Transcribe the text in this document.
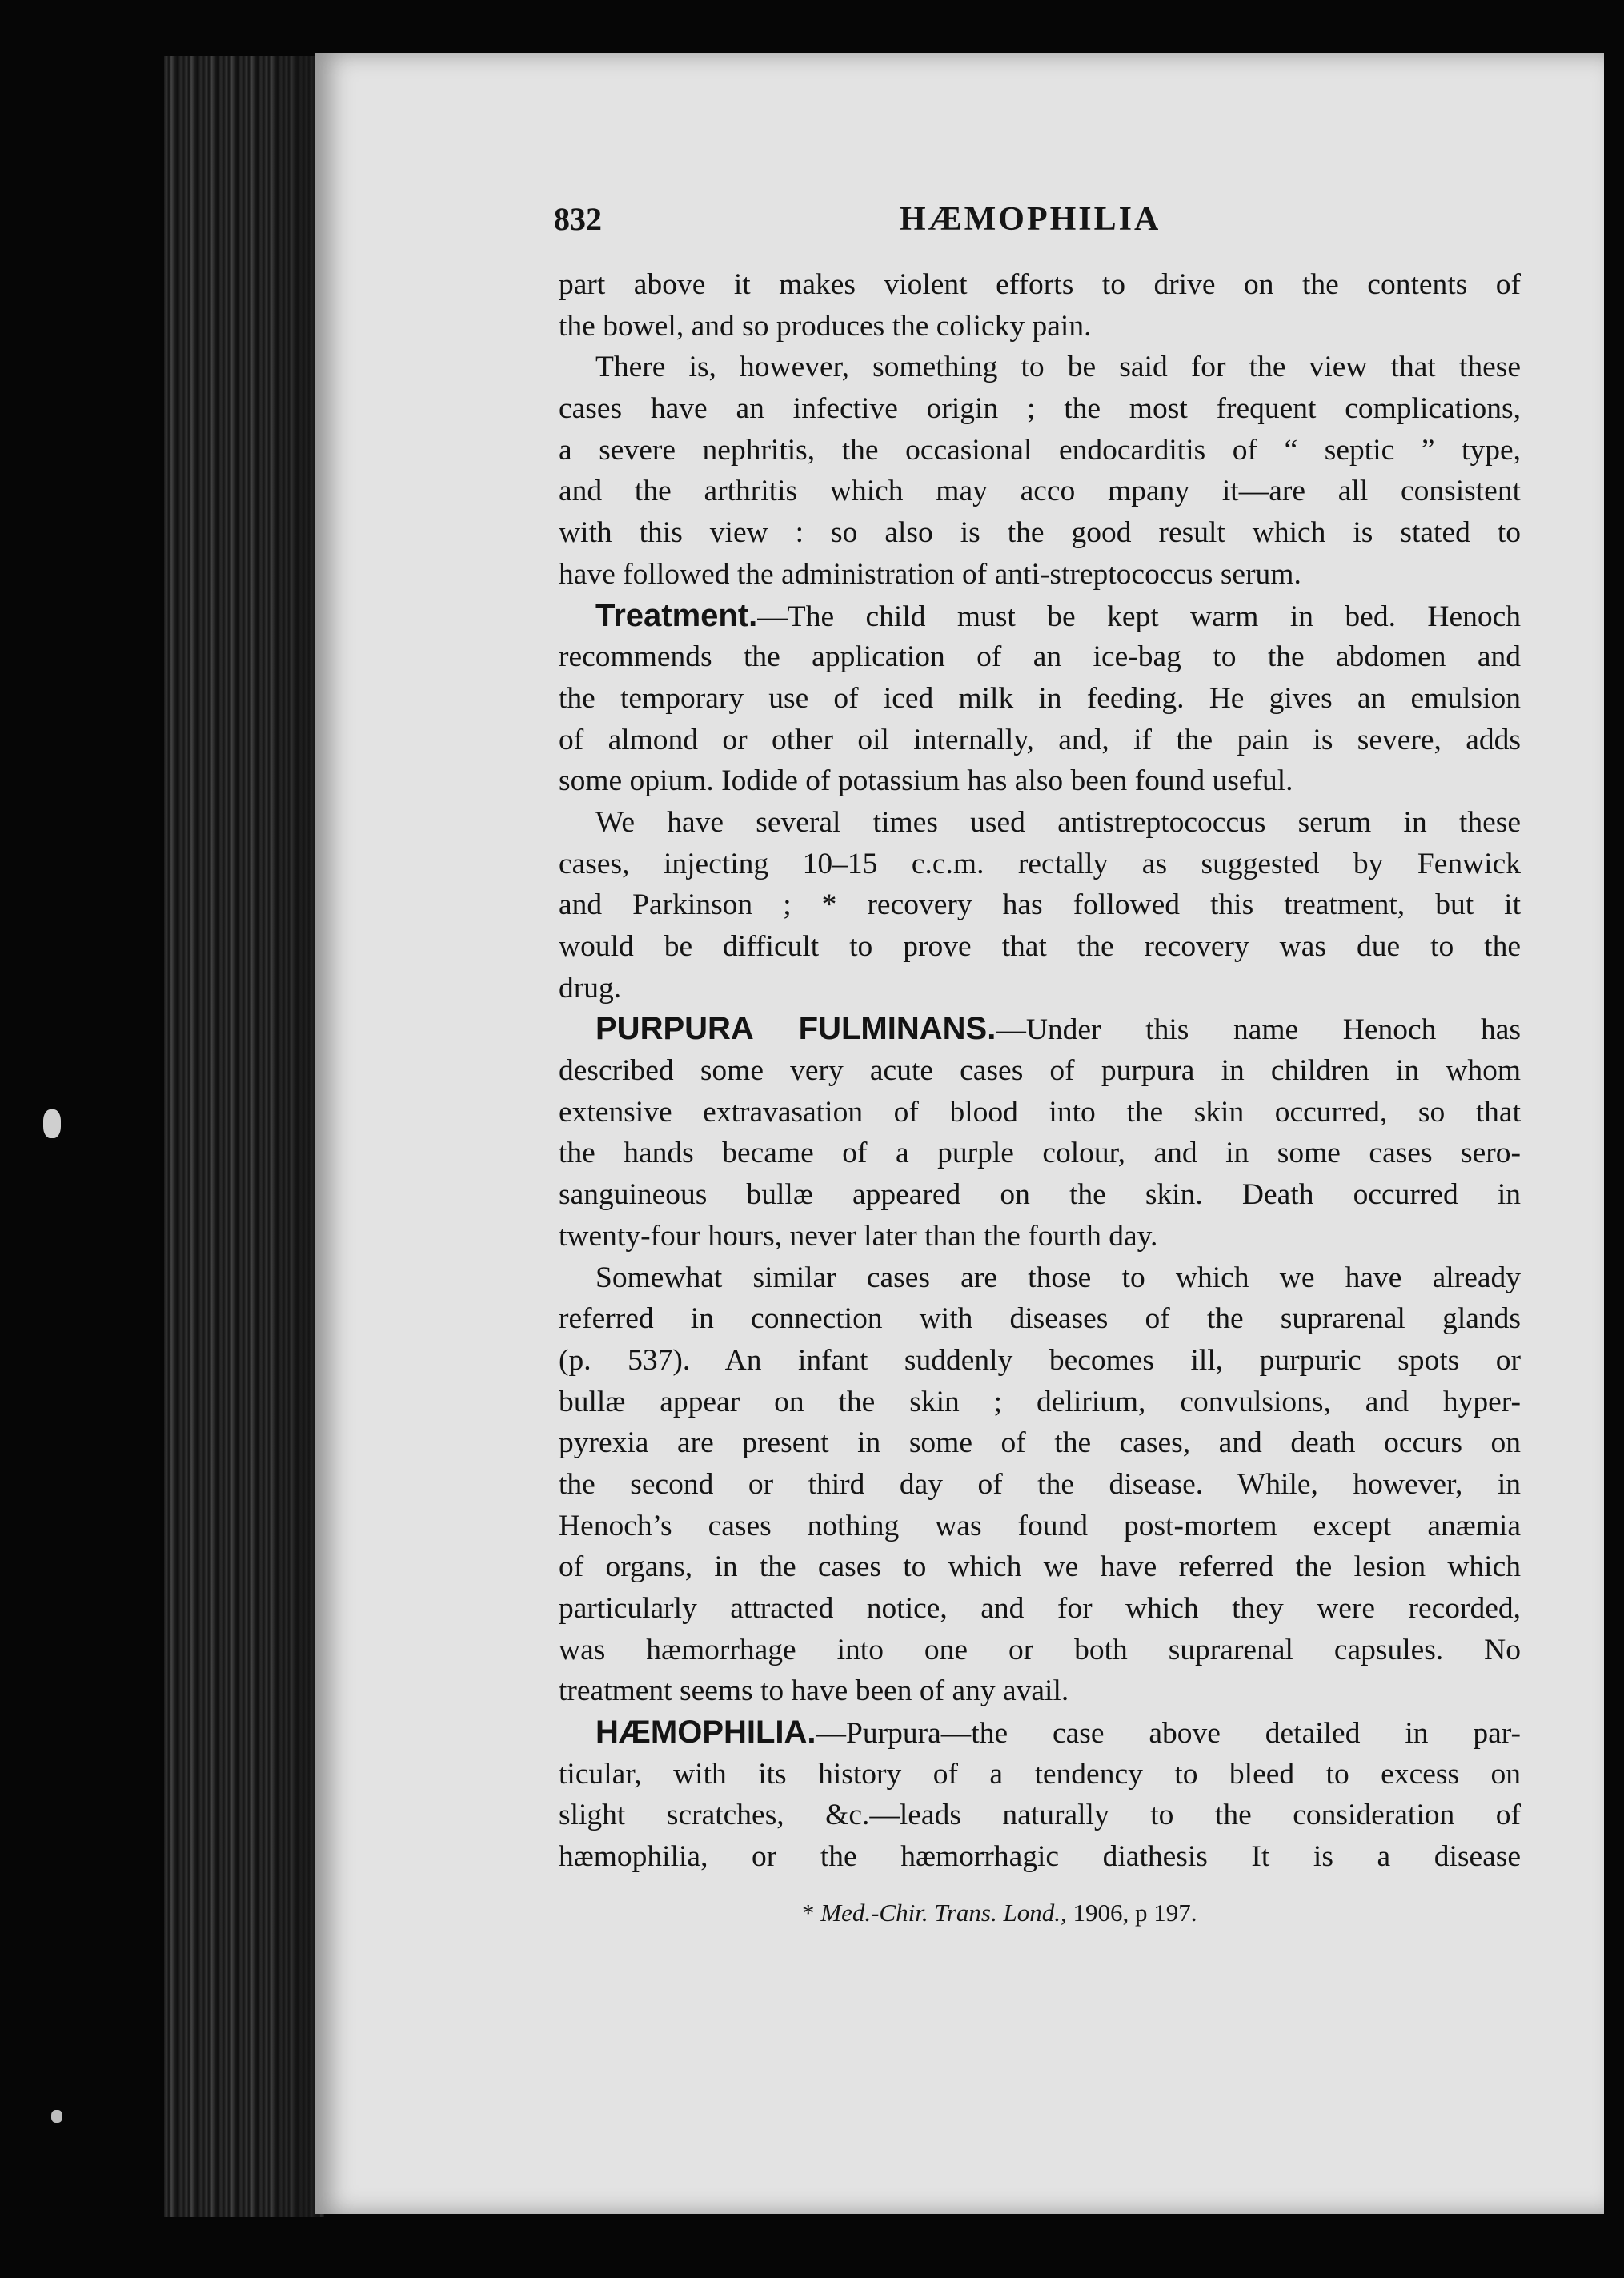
832	HÆMOPHILIA
part above it makes violent efforts to drive on the contents of
the bowel, and so produces the colicky pain.
There is, however, something to be said for the view that these
cases have an infective origin ; the most frequent complications,
a severe nephritis, the occasional endocarditis of “ septic ” type,
and the arthritis which may acco mpany it—are all consistent
with this view : so also is the good result which is stated to
have followed the administration of anti-streptococcus serum.
Treatment.—The child must be kept warm in bed. Henoch
recommends the application of an ice-bag to the abdomen and
the temporary use of iced milk in feeding. He gives an emulsion
of almond or other oil internally, and, if the pain is severe, adds
some opium. Iodide of potassium has also been found useful.
We have several times used antistreptococcus serum in these
cases, injecting 10–15 c.c.m. rectally as suggested by Fenwick
and Parkinson ; * recovery has followed this treatment, but it
would be difficult to prove that the recovery was due to the
drug.
PURPURA FULMINANS.—Under this name Henoch has
described some very acute cases of purpura in children in whom
extensive extravasation of blood into the skin occurred, so that
the hands became of a purple colour, and in some cases sero-
sanguineous bullæ appeared on the skin. Death occurred in
twenty-four hours, never later than the fourth day.
Somewhat similar cases are those to which we have already
referred in connection with diseases of the suprarenal glands
(p. 537). An infant suddenly becomes ill, purpuric spots or
bullæ appear on the skin ; delirium, convulsions, and hyper-
pyrexia are present in some of the cases, and death occurs on
the second or third day of the disease. While, however, in
Henoch’s cases nothing was found post-mortem except anæmia
of organs, in the cases to which we have referred the lesion which
particularly attracted notice, and for which they were recorded,
was hæmorrhage into one or both suprarenal capsules. No
treatment seems to have been of any avail.
HÆMOPHILIA.—Purpura—the case above detailed in par-
ticular, with its history of a tendency to bleed to excess on
slight scratches, &c.—leads naturally to the consideration of
hæmophilia, or the hæmorrhagic diathesis It is a disease
* Med.-Chir. Trans. Lond., 1906, p 197.
